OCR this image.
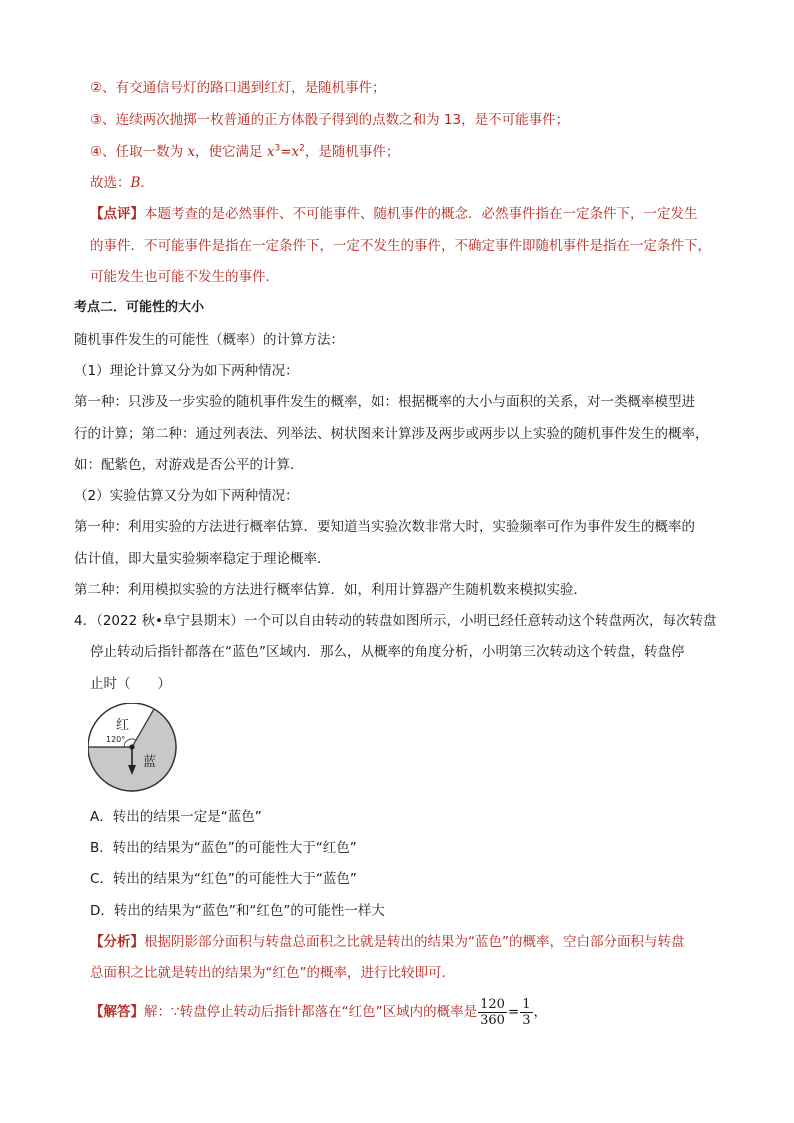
②、有交通信号灯的路口遇到红灯，是随机事件；
③、连续两次抛掷一枚普通的正方体骰子得到的点数之和为 13，是不可能事件；
④、任取一数为 x，使它满足 $x^3=x^2$，是随机事件；
故选：B．
【点评】本题考查的是必然事件、不可能事件、随机事件的概念．必然事件指在一定条件下，一定发生
的事件．不可能事件是指在一定条件下，一定不发生的事件，不确定事件即随机事件是指在一定条件下，
可能发生也可能不发生的事件．
考点二．可能性的大小
随机事件发生的可能性（概率）的计算方法：
（1）理论计算又分为如下两种情况：
第一种：只涉及一步实验的随机事件发生的概率，如：根据概率的大小与面积的关系，对一类概率模型进
行的计算；第二种：通过列表法、列举法、树状图来计算涉及两步或两步以上实验的随机事件发生的概率，
如：配紫色，对游戏是否公平的计算．
（2）实验估算又分为如下两种情况：
第一种：利用实验的方法进行概率估算．要知道当实验次数非常大时，实验频率可作为事件发生的概率的
估计值，即大量实验频率稳定于理论概率．
第二种：利用模拟实验的方法进行概率估算．如，利用计算器产生随机数来模拟实验．
4．（2022 秋•阜宁县期末）一个可以自由转动的转盘如图所示，小明已经任意转动这个转盘两次，每次转盘
停止转动后指针都落在“蓝色”区域内．那么，从概率的角度分析，小明第三次转动这个转盘，转盘停
止时（　　）
红
120°
蓝
A．转出的结果一定是“蓝色”
B．转出的结果为“蓝色”的可能性大于“红色”
C．转出的结果为“红色”的可能性大于“蓝色”
D．转出的结果为“蓝色”和“红色”的可能性一样大
【分析】根据阴影部分面积与转盘总面积之比就是转出的结果为“蓝色”的概率，空白部分面积与转盘
总面积之比就是转出的结果为“红色”的概率，进行比较即可．
【解答】解：∵转盘停止转动后指针都落在“红色”区域内的概率是 $\frac{120}{360} = \frac{1}{3}$ ，
